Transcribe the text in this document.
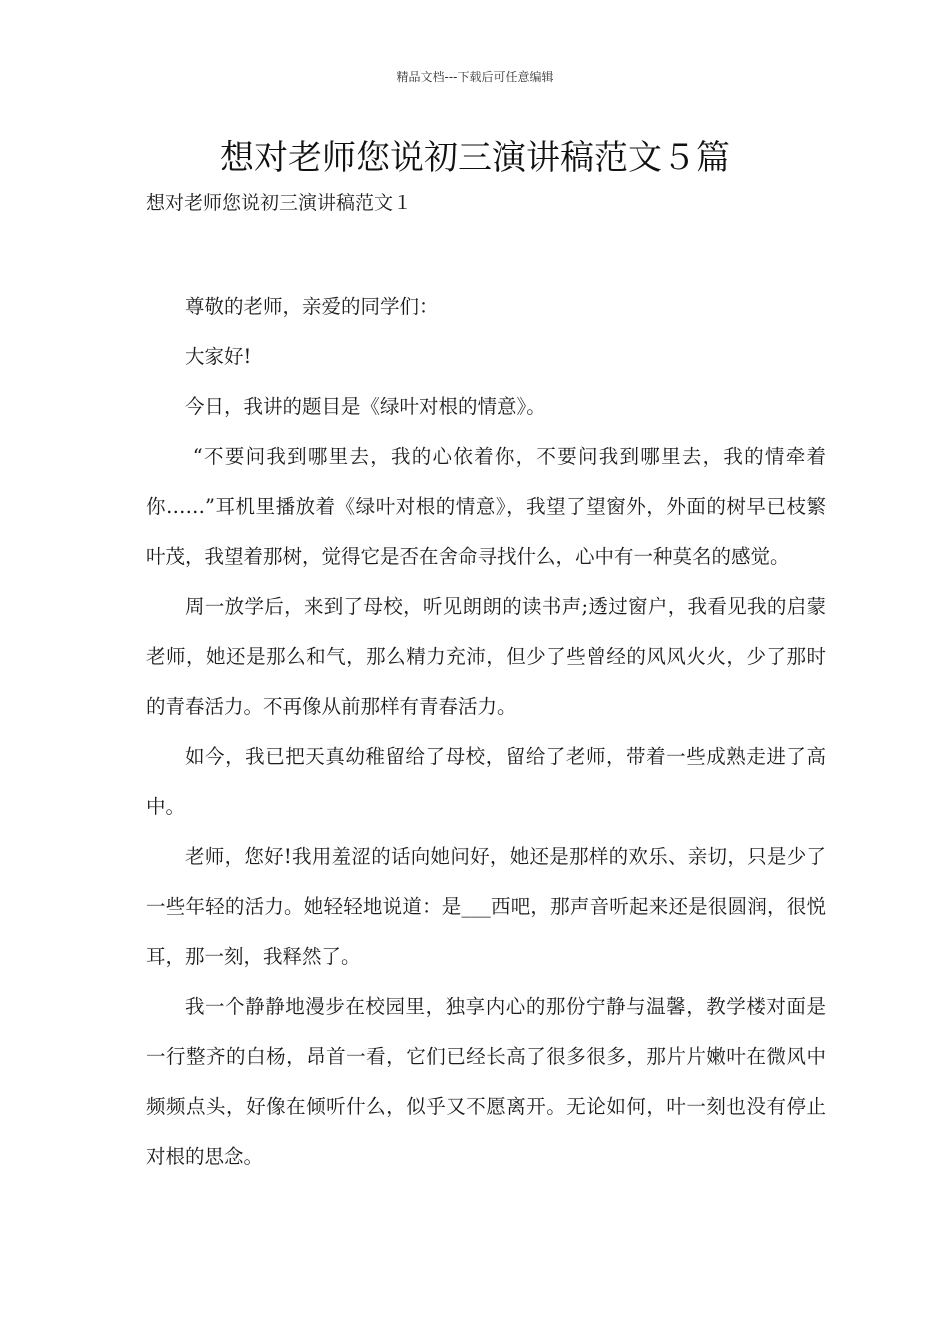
精品文档---下载后可任意编辑
想对老师您说初三演讲稿范文５篇

想对老师您说初三演讲稿范文１

尊敬的老师，亲爱的同学们：

大家好!

今日，我讲的题目是《绿叶对根的情意》。

“不要问我到哪里去，我的心依着你，不要问我到哪里去，我的情牵着你……”耳机里播放着《绿叶对根的情意》，我望了望窗外，外面的树早已枝繁叶茂，我望着那树，觉得它是否在舍命寻找什么，心中有一种莫名的感觉。

周一放学后，来到了母校，听见朗朗的读书声;透过窗户，我看见我的启蒙老师，她还是那么和气，那么精力充沛，但少了些曾经的风风火火，少了那时的青春活力。不再像从前那样有青春活力。

如今，我已把天真幼稚留给了母校，留给了老师，带着一些成熟走进了高中。

老师，您好!我用羞涩的话向她问好，她还是那样的欢乐、亲切，只是少了一些年轻的活力。她轻轻地说道：是___西吧，那声音听起来还是很圆润，很悦耳，那一刻，我释然了。

我一个静静地漫步在校园里，独享内心的那份宁静与温馨，教学楼对面是一行整齐的白杨，昂首一看，它们已经长高了很多很多，那片片嫩叶在微风中频频点头，好像在倾听什么，似乎又不愿离开。无论如何，叶一刻也没有停止对根的思念。
